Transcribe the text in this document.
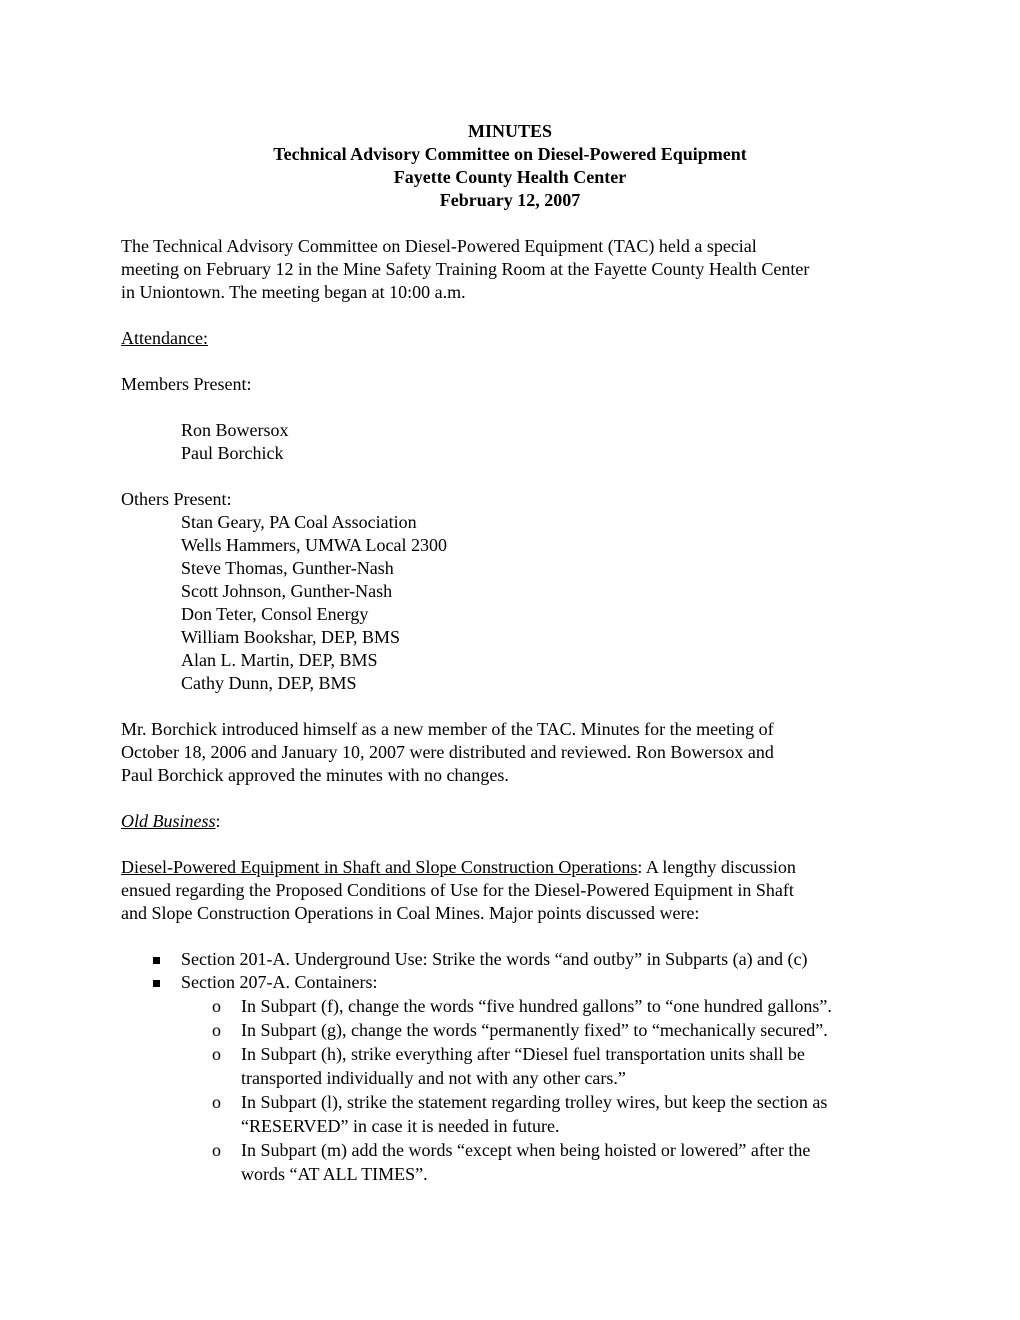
MINUTES
Technical Advisory Committee on Diesel-Powered Equipment
Fayette County Health Center
February 12, 2007
The Technical Advisory Committee on Diesel-Powered Equipment (TAC) held a special
meeting on February 12 in the Mine Safety Training Room at the Fayette County Health Center
in Uniontown. The meeting began at 10:00 a.m.
Attendance:
Members Present:
Ron Bowersox
Paul Borchick
Others Present:
Stan Geary, PA Coal Association
Wells Hammers, UMWA Local 2300
Steve Thomas, Gunther-Nash
Scott Johnson, Gunther-Nash
Don Teter, Consol Energy
William Bookshar, DEP, BMS
Alan L. Martin, DEP, BMS
Cathy Dunn, DEP, BMS
Mr. Borchick introduced himself as a new member of the TAC. Minutes for the meeting of
October 18, 2006 and January 10, 2007 were distributed and reviewed. Ron Bowersox and
Paul Borchick approved the minutes with no changes.
Old Business:
Diesel-Powered Equipment in Shaft and Slope Construction Operations: A lengthy discussion
ensued regarding the Proposed Conditions of Use for the Diesel-Powered Equipment in Shaft
and Slope Construction Operations in Coal Mines. Major points discussed were:
Section 201-A. Underground Use: Strike the words “and outby” in Subparts (a) and (c)
Section 207-A. Containers:
o In Subpart (f), change the words “five hundred gallons” to “one hundred gallons”.
o In Subpart (g), change the words “permanently fixed” to “mechanically secured”.
o In Subpart (h), strike everything after “Diesel fuel transportation units shall be
transported individually and not with any other cars.”
o In Subpart (l), strike the statement regarding trolley wires, but keep the section as
“RESERVED” in case it is needed in future.
o In Subpart (m) add the words “except when being hoisted or lowered” after the
words “AT ALL TIMES”.
